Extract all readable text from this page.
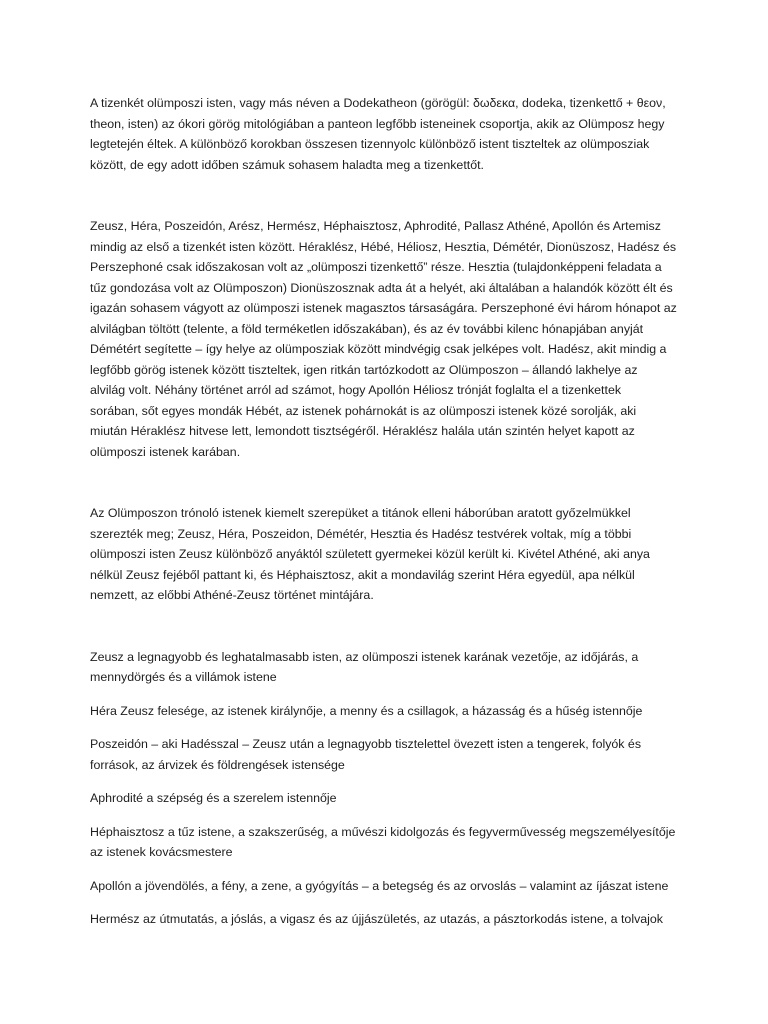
A tizenkét olümposzi isten, vagy más néven a Dodekatheon (görögül: δωδεκα, dodeka, tizenkettő + θεον,
theon, isten) az ókori görög mitológiában a panteon legfőbb isteneinek csoportja, akik az Olümposz hegy
legtetején éltek. A különböző korokban összesen tizennyolc különböző istent tiszteltek az olümposziak
között, de egy adott időben számuk sohasem haladta meg a tizenkettőt.

Zeusz, Héra, Poszeidón, Arész, Hermész, Héphaisztosz, Aphrodité, Pallasz Athéné, Apollón és Artemisz
mindig az első a tizenkét isten között. Héraklész, Hébé, Héliosz, Hesztia, Démétér, Dionüszosz, Hadész és
Perszephoné csak időszakosan volt az „olümposzi tizenkettő” része. Hesztia (tulajdonképpeni feladata a
tűz gondozása volt az Olümposzon) Dionüszosznak adta át a helyét, aki általában a halandók között élt és
igazán sohasem vágyott az olümposzi istenek magasztos társaságára. Perszephoné évi három hónapot az
alvilágban töltött (telente, a föld terméketlen időszakában), és az év további kilenc hónapjában anyját
Démétért segítette – így helye az olümposziak között mindvégig csak jelképes volt. Hadész, akit mindig a
legfőbb görög istenek között tiszteltek, igen ritkán tartózkodott az Olümposzon – állandó lakhelye az
alvilág volt. Néhány történet arról ad számot, hogy Apollón Héliosz trónját foglalta el a tizenkettek
sorában, sőt egyes mondák Hébét, az istenek pohárnokát is az olümposzi istenek közé sorolják, aki
miután Héraklész hitvese lett, lemondott tisztségéről. Héraklész halála után szintén helyet kapott az
olümposzi istenek karában.

Az Olümposzon trónoló istenek kiemelt szerepüket a titánok elleni háborúban aratott győzelmükkel
szerezték meg; Zeusz, Héra, Poszeidon, Démétér, Hesztia és Hadész testvérek voltak, míg a többi
olümposzi isten Zeusz különböző anyáktól született gyermekei közül került ki. Kivétel Athéné, aki anya
nélkül Zeusz fejéből pattant ki, és Héphaisztosz, akit a mondavilág szerint Héra egyedül, apa nélkül
nemzett, az előbbi Athéné-Zeusz történet mintájára.

Zeusz a legnagyobb és leghatalmasabb isten, az olümposzi istenek karának vezetője, az időjárás, a
mennydörgés és a villámok istene

Héra Zeusz felesége, az istenek királynője, a menny és a csillagok, a házasság és a hűség istennője

Poszeidón – aki Hadésszal – Zeusz után a legnagyobb tisztelettel övezett isten a tengerek, folyók és
források, az árvizek és földrengések istensége

Aphrodité a szépség és a szerelem istennője

Héphaisztosz a tűz istene, a szakszerűség, a művészi kidolgozás és fegyverművesség megszemélyesítője
az istenek kovácsmestere

Apollón a jövendölés, a fény, a zene, a gyógyítás – a betegség és az orvoslás – valamint az íjászat istene

Hermész az útmutatás, a jóslás, a vigasz és az újjászületés, az utazás, a pásztorkodás istene, a tolvajok
